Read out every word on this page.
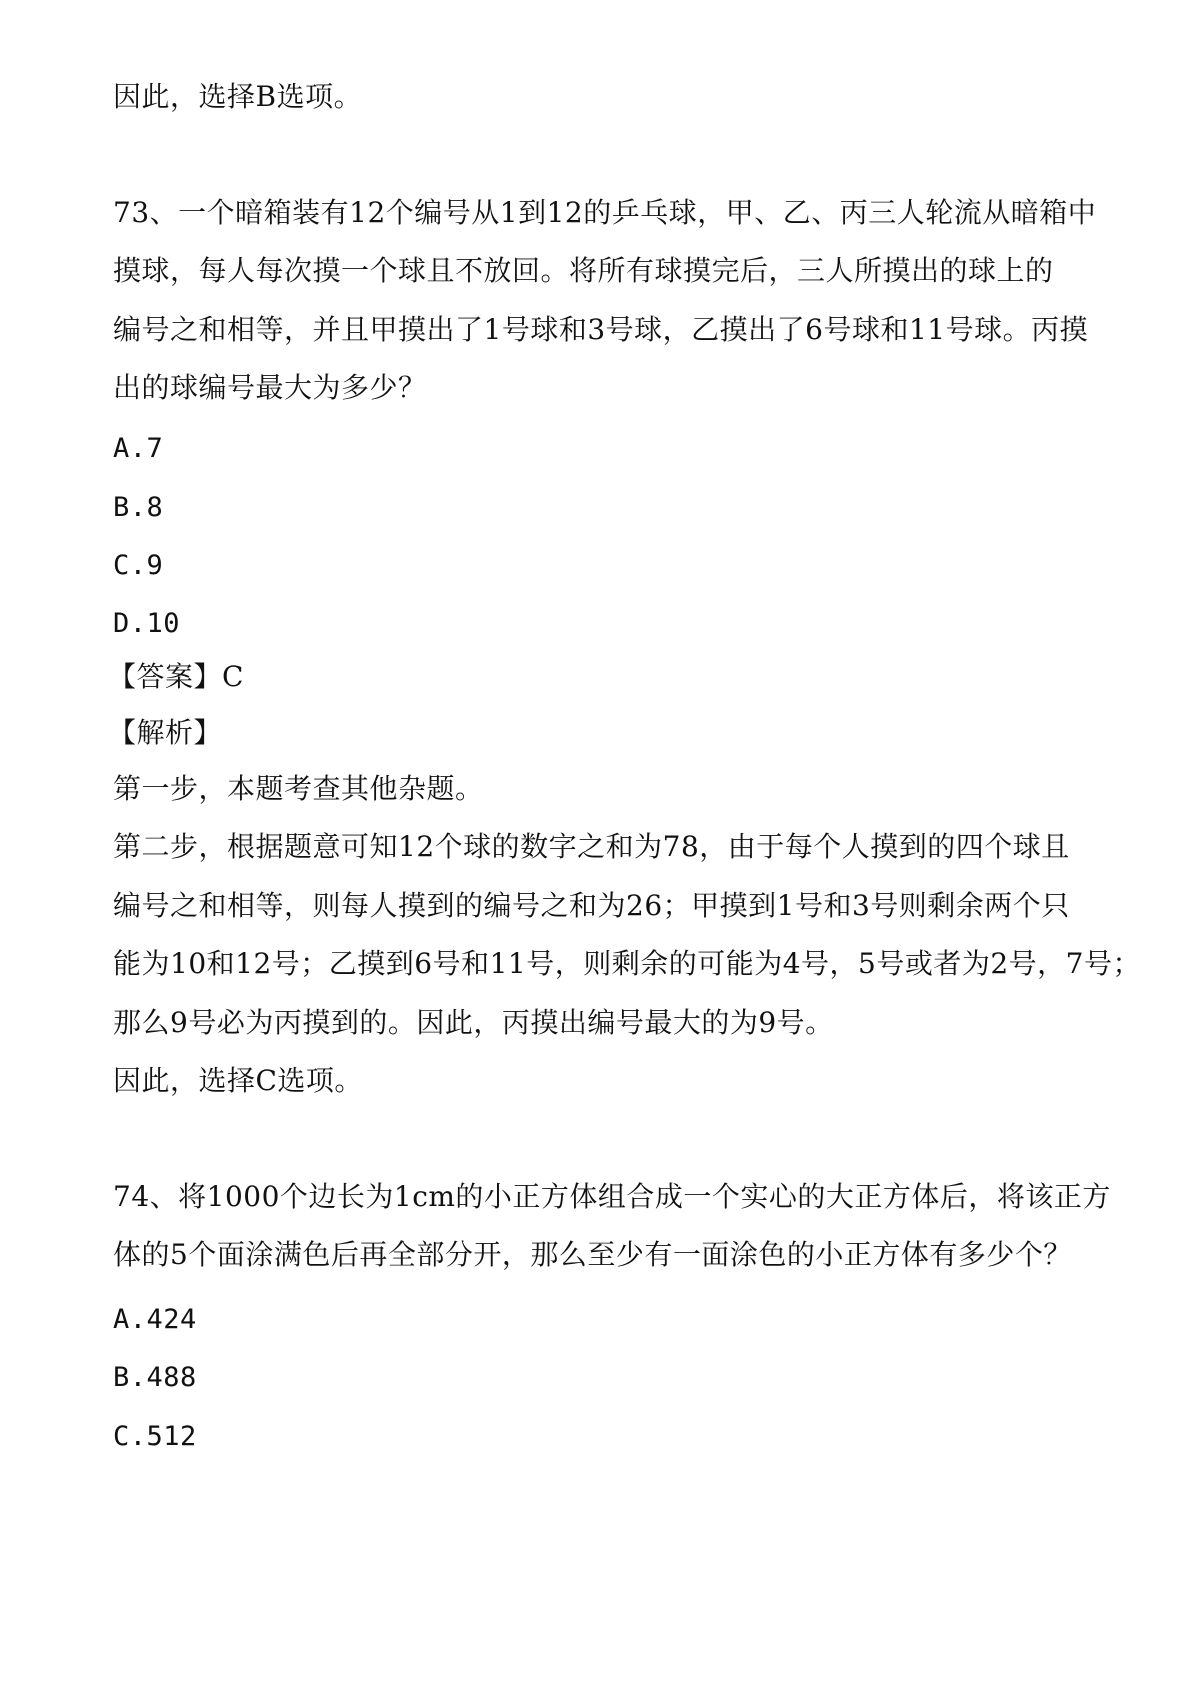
因此，选择B选项。
73、一个暗箱装有12个编号从1到12的乒乓球，甲、乙、丙三人轮流从暗箱中
摸球，每人每次摸一个球且不放回。将所有球摸完后，三人所摸出的球上的
编号之和相等，并且甲摸出了1号球和3号球，乙摸出了6号球和11号球。丙摸
出的球编号最大为多少？
A.7
B.8
C.9
D.10
【答案】C
【解析】
第一步，本题考查其他杂题。
第二步，根据题意可知12个球的数字之和为78，由于每个人摸到的四个球且
编号之和相等，则每人摸到的编号之和为26；甲摸到1号和3号则剩余两个只
能为10和12号；乙摸到6号和11号，则剩余的可能为4号，5号或者为2号，7号；
那么9号必为丙摸到的。因此，丙摸出编号最大的为9号。
因此，选择C选项。
74、将1000个边长为1cm的小正方体组合成一个实心的大正方体后，将该正方
体的5个面涂满色后再全部分开，那么至少有一面涂色的小正方体有多少个？
A.424
B.488
C.512
